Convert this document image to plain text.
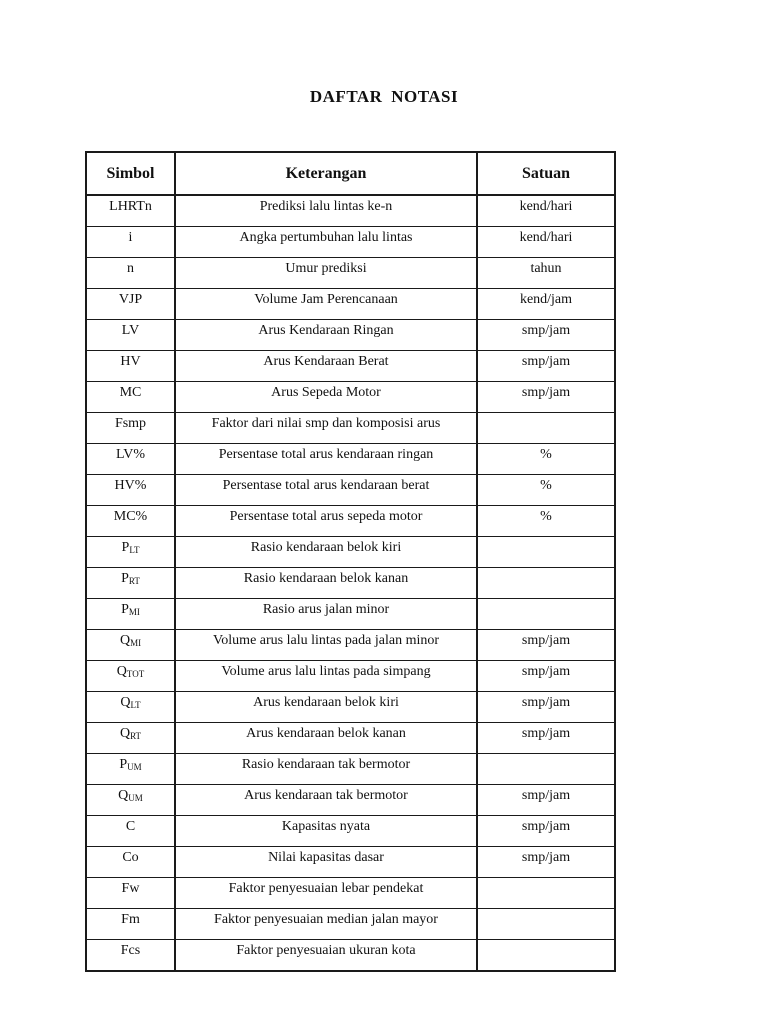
DAFTAR NOTASI
Simbol	Keterangan	Satuan
LHRTn	Prediksi lalu lintas ke-n	kend/hari
i	Angka pertumbuhan lalu lintas	kend/hari
n	Umur prediksi	tahun
VJP	Volume Jam Perencanaan	kend/jam
LV	Arus Kendaraan Ringan	smp/jam
HV	Arus Kendaraan Berat	smp/jam
MC	Arus Sepeda Motor	smp/jam
Fsmp	Faktor dari nilai smp dan komposisi arus	
LV%	Persentase total arus kendaraan ringan	%
HV%	Persentase total arus kendaraan berat	%
MC%	Persentase total arus sepeda motor	%
PLT	Rasio kendaraan belok kiri	
PRT	Rasio kendaraan belok kanan	
PMI	Rasio arus jalan minor	
QMI	Volume arus lalu lintas pada jalan minor	smp/jam
QTOT	Volume arus lalu lintas pada simpang	smp/jam
QLT	Arus kendaraan belok kiri	smp/jam
QRT	Arus kendaraan belok kanan	smp/jam
PUM	Rasio kendaraan tak bermotor	
QUM	Arus kendaraan tak bermotor	smp/jam
C	Kapasitas nyata	smp/jam
Co	Nilai kapasitas dasar	smp/jam
Fw	Faktor penyesuaian lebar pendekat	
Fm	Faktor penyesuaian median jalan mayor	
Fcs	Faktor penyesuaian ukuran kota	
